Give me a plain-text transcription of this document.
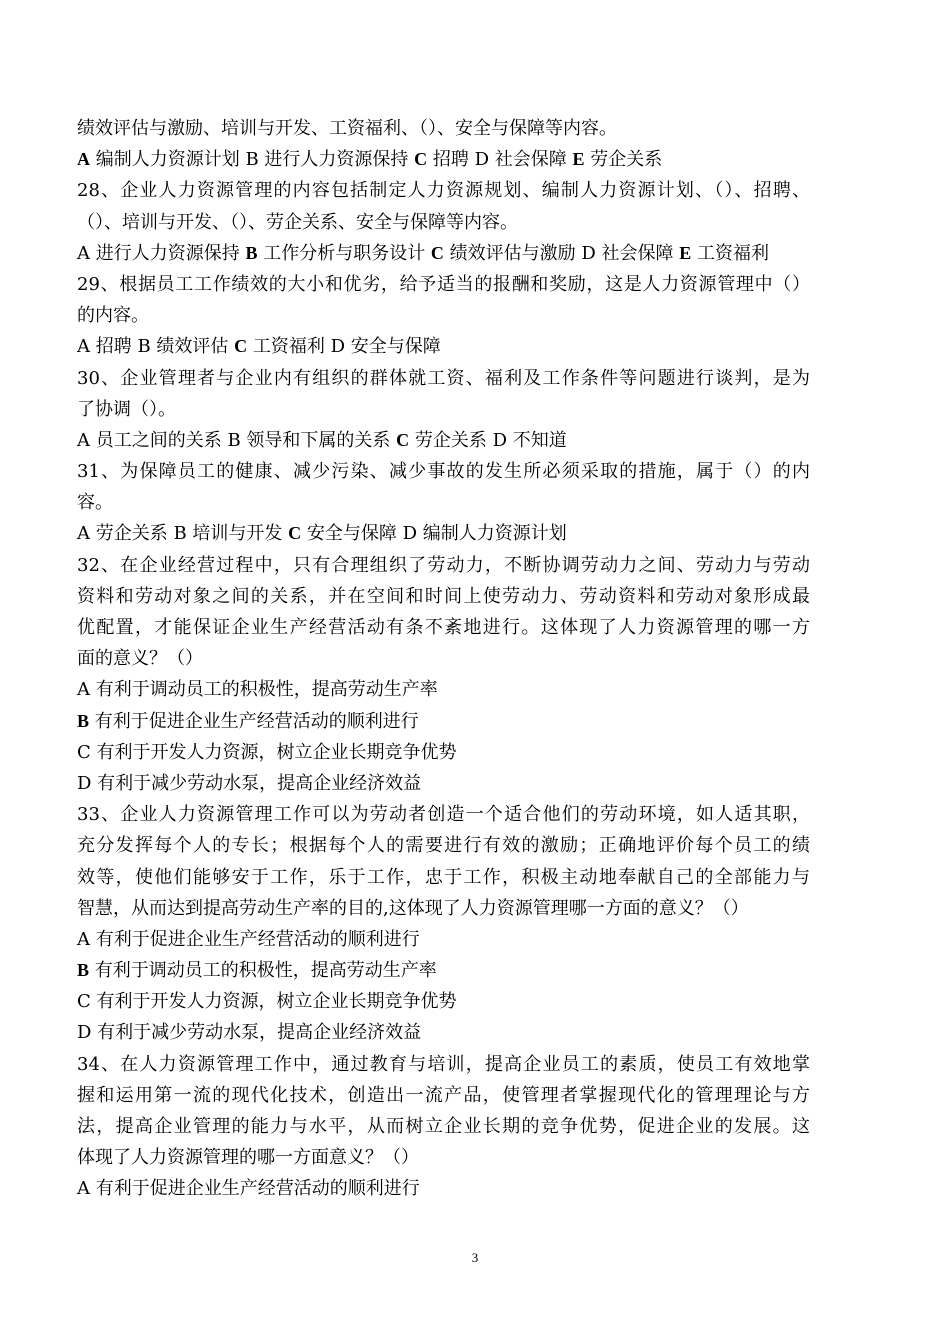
绩效评估与激励、培训与开发、工资福利、（）、安全与保障等内容。
A 编制人力资源计划 B 进行人力资源保持 C 招聘 D 社会保障 E 劳企关系
28、企业人力资源管理的内容包括制定人力资源规划、编制人力资源计划、（）、招聘、
（）、培训与开发、（）、劳企关系、安全与保障等内容。
A 进行人力资源保持 B 工作分析与职务设计 C 绩效评估与激励 D 社会保障 E 工资福利
29、根据员工工作绩效的大小和优劣，给予适当的报酬和奖励，这是人力资源管理中（）
的内容。
A 招聘 B 绩效评估 C 工资福利 D 安全与保障
30、企业管理者与企业内有组织的群体就工资、福利及工作条件等问题进行谈判，是为
了协调（）。
A 员工之间的关系 B 领导和下属的关系 C 劳企关系 D 不知道
31、为保障员工的健康、减少污染、减少事故的发生所必须采取的措施，属于（）的内
容。
A 劳企关系 B 培训与开发 C 安全与保障 D 编制人力资源计划
32、在企业经营过程中，只有合理组织了劳动力，不断协调劳动力之间、劳动力与劳动
资料和劳动对象之间的关系，并在空间和时间上使劳动力、劳动资料和劳动对象形成最
优配置，才能保证企业生产经营活动有条不紊地进行。这体现了人力资源管理的哪一方
面的意义？（）
A 有利于调动员工的积极性，提高劳动生产率
B 有利于促进企业生产经营活动的顺利进行
C 有利于开发人力资源，树立企业长期竞争优势
D 有利于减少劳动水泵，提高企业经济效益
33、企业人力资源管理工作可以为劳动者创造一个适合他们的劳动环境，如人适其职，
充分发挥每个人的专长；根据每个人的需要进行有效的激励；正确地评价每个员工的绩
效等，使他们能够安于工作，乐于工作，忠于工作，积极主动地奉献自己的全部能力与
智慧，从而达到提高劳动生产率的目的,这体现了人力资源管理哪一方面的意义？（）
A 有利于促进企业生产经营活动的顺利进行
B 有利于调动员工的积极性，提高劳动生产率
C 有利于开发人力资源，树立企业长期竞争优势
D 有利于减少劳动水泵，提高企业经济效益
34、在人力资源管理工作中，通过教育与培训，提高企业员工的素质，使员工有效地掌
握和运用第一流的现代化技术，创造出一流产品，使管理者掌握现代化的管理理论与方
法，提高企业管理的能力与水平，从而树立企业长期的竞争优势，促进企业的发展。这
体现了人力资源管理的哪一方面意义？（）
A 有利于促进企业生产经营活动的顺利进行
3
